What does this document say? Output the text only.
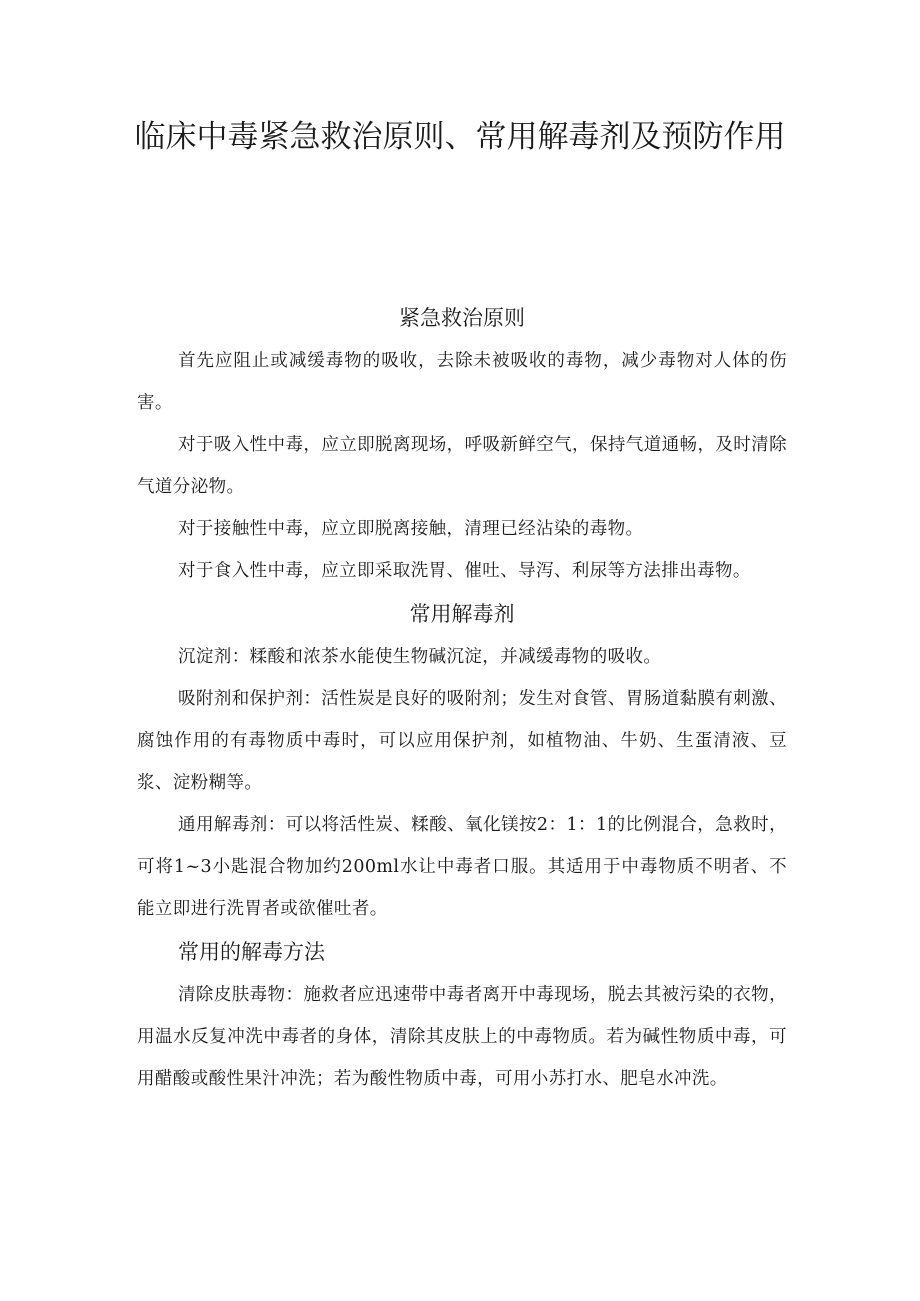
临床中毒紧急救治原则、常用解毒剂及预防作用
紧急救治原则

首先应阻止或减缓毒物的吸收，去除未被吸收的毒物，减少毒物对人体的伤害。

对于吸入性中毒，应立即脱离现场，呼吸新鲜空气，保持气道通畅，及时清除气道分泌物。

对于接触性中毒，应立即脱离接触，清理已经沾染的毒物。

对于食入性中毒，应立即采取洗胃、催吐、导泻、利尿等方法排出毒物。

常用解毒剂

沉淀剂：糅酸和浓茶水能使生物碱沉淀，并减缓毒物的吸收。

吸附剂和保护剂：活性炭是良好的吸附剂；发生对食管、胃肠道黏膜有刺激、腐蚀作用的有毒物质中毒时，可以应用保护剂，如植物油、牛奶、生蛋清液、豆浆、淀粉糊等。

通用解毒剂：可以将活性炭、糅酸、氧化镁按2：1：1的比例混合，急救时，可将1~3小匙混合物加约200ml水让中毒者口服。其适用于中毒物质不明者、不能立即进行洗胃者或欲催吐者。

常用的解毒方法

清除皮肤毒物：施救者应迅速带中毒者离开中毒现场，脱去其被污染的衣物，用温水反复冲洗中毒者的身体，清除其皮肤上的中毒物质。若为碱性物质中毒，可用醋酸或酸性果汁冲洗；若为酸性物质中毒，可用小苏打水、肥皂水冲洗。
